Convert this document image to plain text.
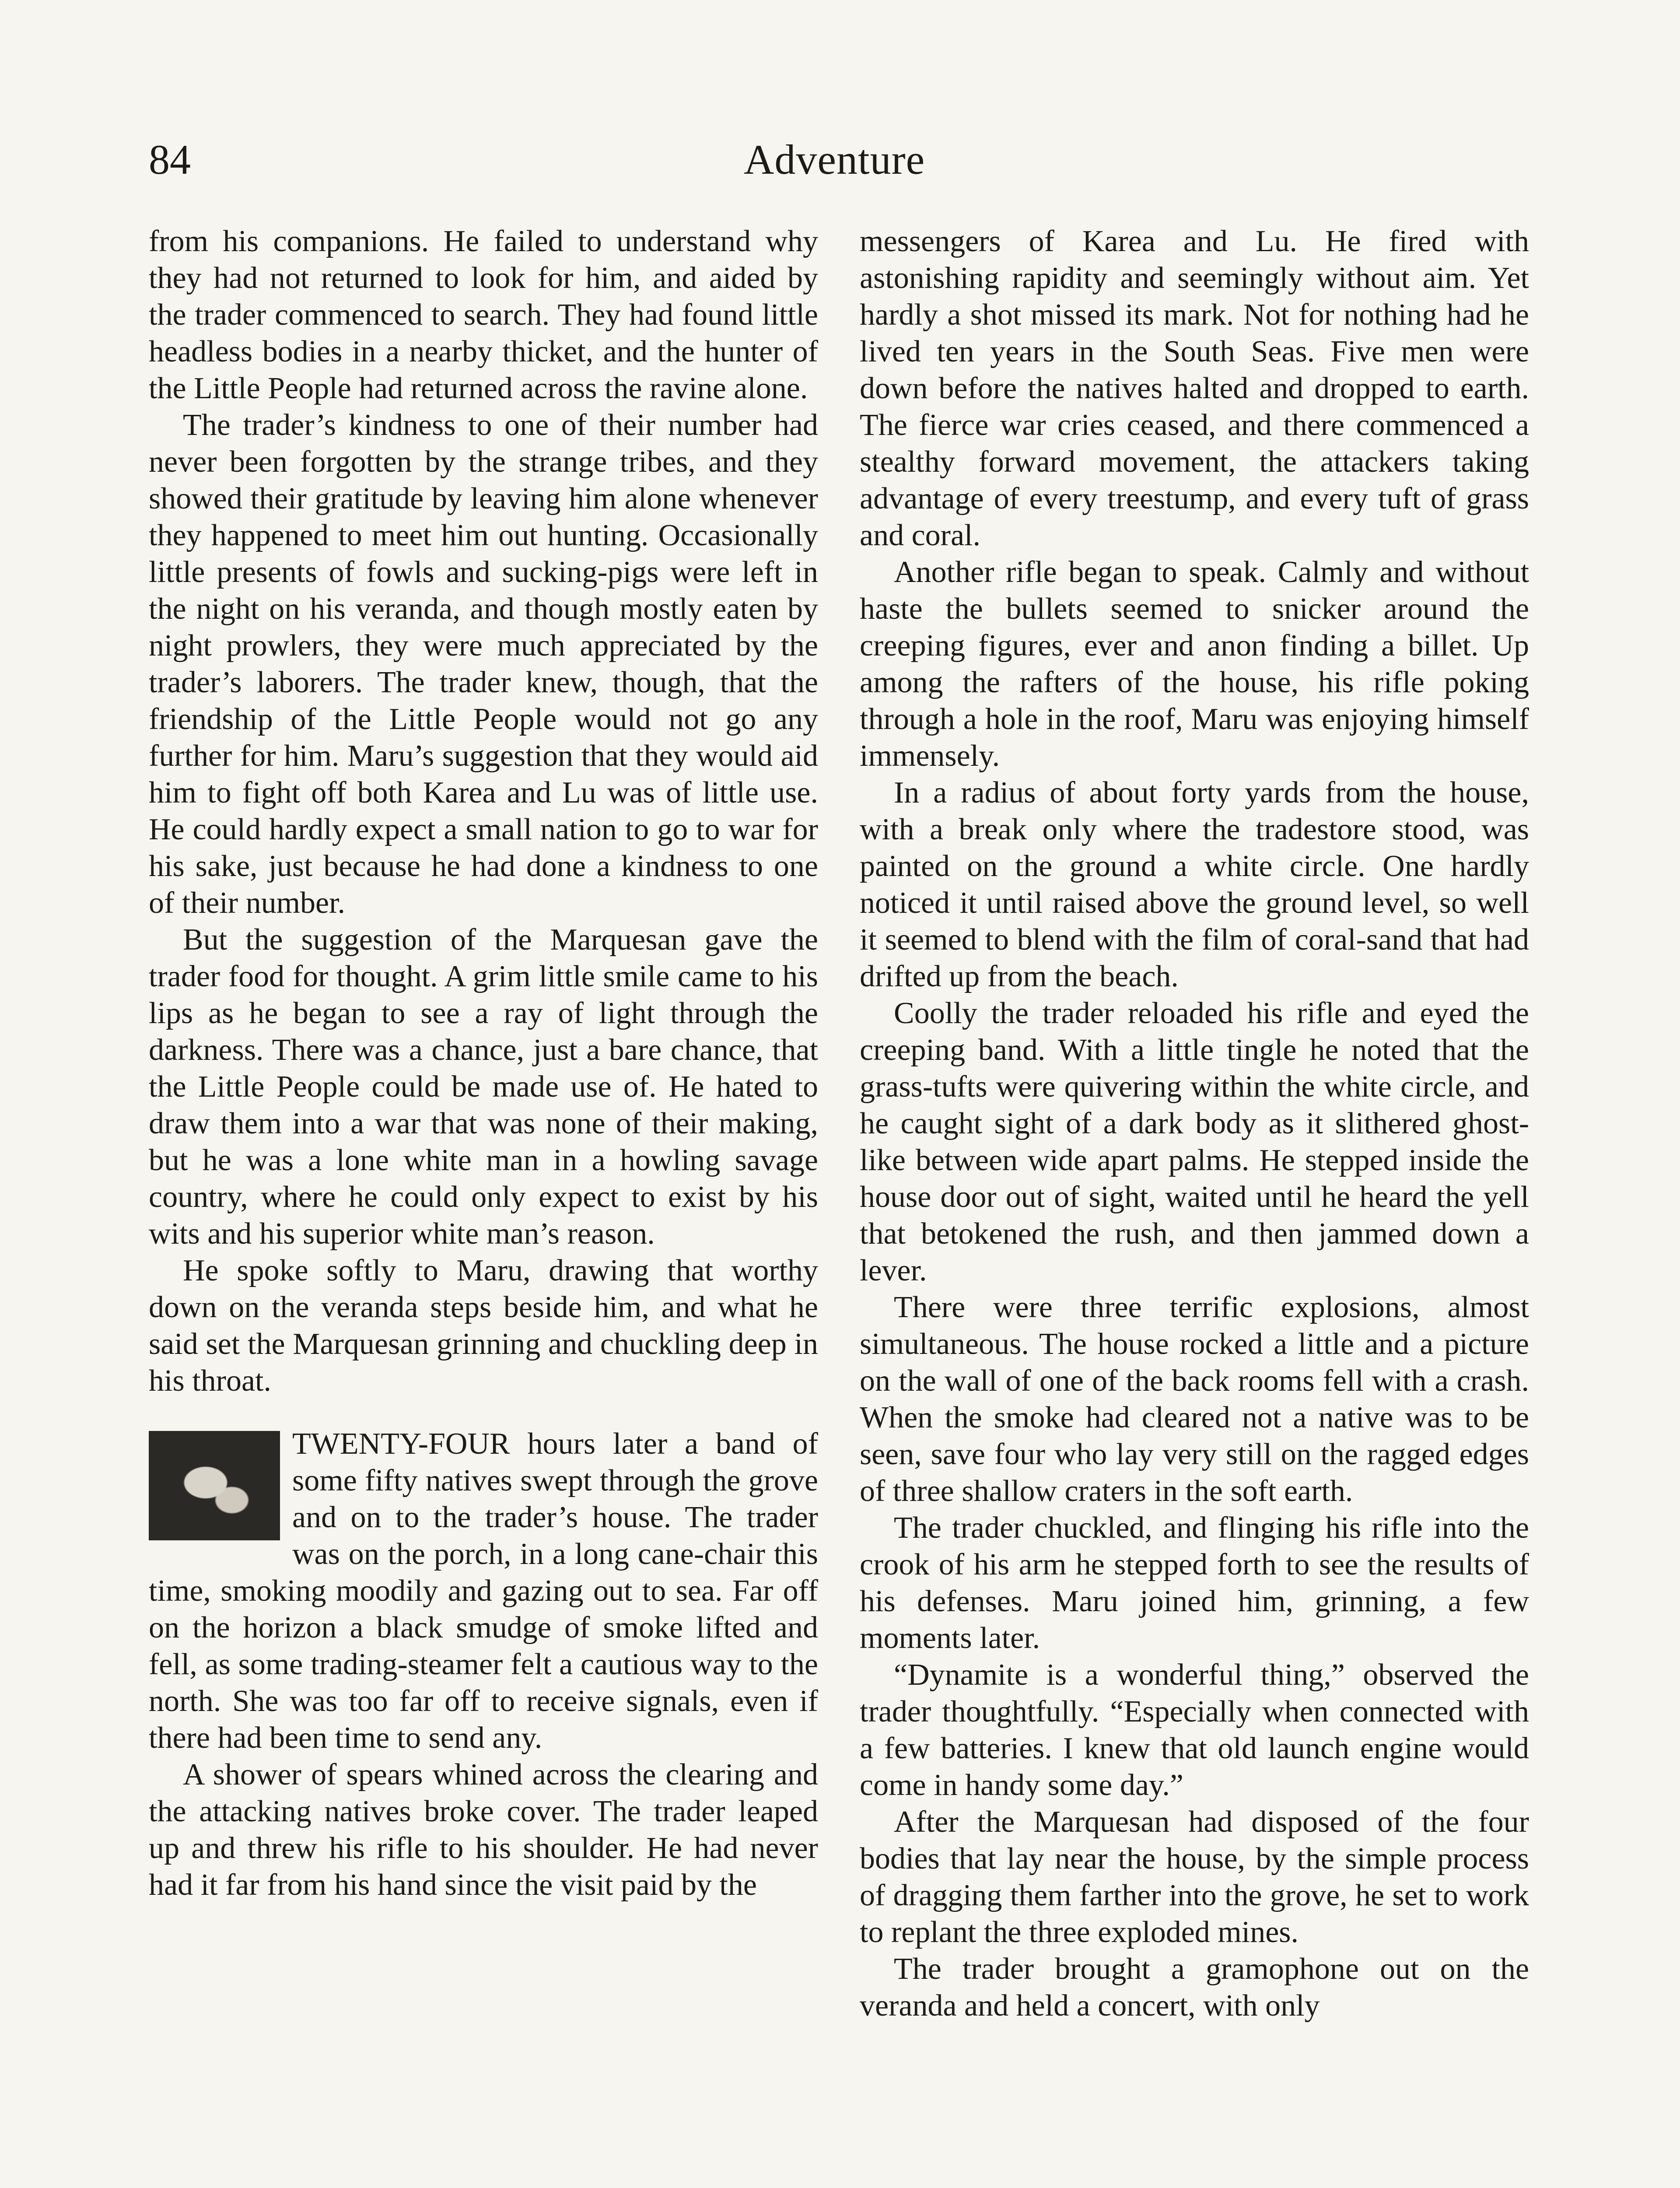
84	Adventure

from his companions. He failed to understand why they had not returned to look for him, and aided by the trader commenced to search. They had found little headless bodies in a nearby thicket, and the hunter of the Little People had returned across the ravine alone.

The trader’s kindness to one of their number had never been forgotten by the strange tribes, and they showed their gratitude by leaving him alone whenever they happened to meet him out hunting. Occasionally little presents of fowls and sucking-pigs were left in the night on his veranda, and though mostly eaten by night prowlers, they were much appreciated by the trader’s laborers. The trader knew, though, that the friendship of the Little People would not go any further for him. Maru’s suggestion that they would aid him to fight off both Karea and Lu was of little use. He could hardly expect a small nation to go to war for his sake, just because he had done a kindness to one of their number.

But the suggestion of the Marquesan gave the trader food for thought. A grim little smile came to his lips as he began to see a ray of light through the darkness. There was a chance, just a bare chance, that the Little People could be made use of. He hated to draw them into a war that was none of their making, but he was a lone white man in a howling savage country, where he could only expect to exist by his wits and his superior white man’s reason.

He spoke softly to Maru, drawing that worthy down on the veranda steps beside him, and what he said set the Marquesan grinning and chuckling deep in his throat.

TWENTY-FOUR hours later a band of some fifty natives swept through the grove and on to the trader’s house. The trader was on the porch, in a long cane-chair this time, smoking moodily and gazing out to sea. Far off on the horizon a black smudge of smoke lifted and fell, as some trading-steamer felt a cautious way to the north. She was too far off to receive signals, even if there had been time to send any.

A shower of spears whined across the clearing and the attacking natives broke cover. The trader leaped up and threw his rifle to his shoulder. He had never had it far from his hand since the visit paid by the

messengers of Karea and Lu. He fired with astonishing rapidity and seemingly without aim. Yet hardly a shot missed its mark. Not for nothing had he lived ten years in the South Seas. Five men were down before the natives halted and dropped to earth. The fierce war cries ceased, and there commenced a stealthy forward movement, the attackers taking advantage of every treestump, and every tuft of grass and coral.

Another rifle began to speak. Calmly and without haste the bullets seemed to snicker around the creeping figures, ever and anon finding a billet. Up among the rafters of the house, his rifle poking through a hole in the roof, Maru was enjoying himself immensely.

In a radius of about forty yards from the house, with a break only where the tradestore stood, was painted on the ground a white circle. One hardly noticed it until raised above the ground level, so well it seemed to blend with the film of coral-sand that had drifted up from the beach.

Coolly the trader reloaded his rifle and eyed the creeping band. With a little tingle he noted that the grass-tufts were quivering within the white circle, and he caught sight of a dark body as it slithered ghost-like between wide apart palms. He stepped inside the house door out of sight, waited until he heard the yell that betokened the rush, and then jammed down a lever.

There were three terrific explosions, almost simultaneous. The house rocked a little and a picture on the wall of one of the back rooms fell with a crash. When the smoke had cleared not a native was to be seen, save four who lay very still on the ragged edges of three shallow craters in the soft earth.

The trader chuckled, and flinging his rifle into the crook of his arm he stepped forth to see the results of his defenses. Maru joined him, grinning, a few moments later.

“Dynamite is a wonderful thing,” observed the trader thoughtfully. “Especially when connected with a few batteries. I knew that old launch engine would come in handy some day.”

After the Marquesan had disposed of the four bodies that lay near the house, by the simple process of dragging them farther into the grove, he set to work to replant the three exploded mines.

The trader brought a gramophone out on the veranda and held a concert, with only
